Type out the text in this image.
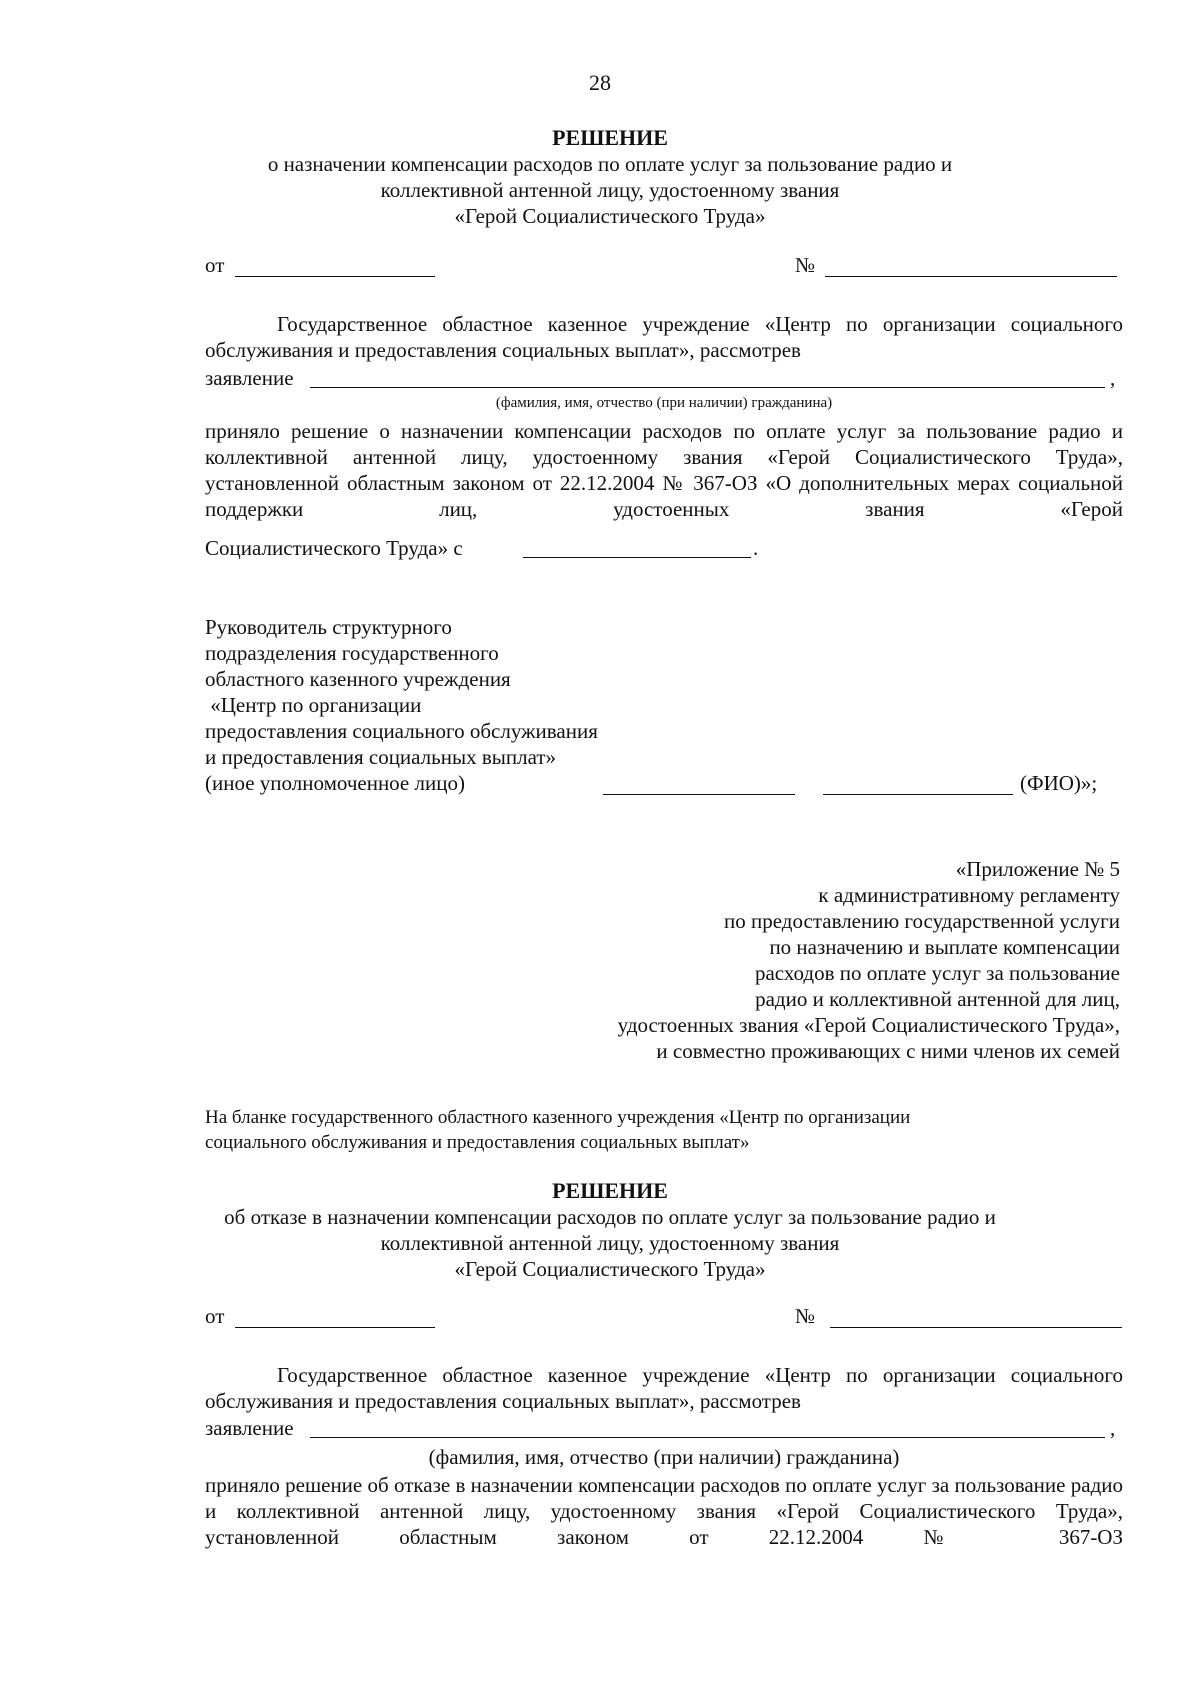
28
РЕШЕНИЕ
о назначении компенсации расходов по оплате услуг за пользование радио и
коллективной антенной лицу, удостоенному звания
«Герой Социалистического Труда»
от	№
Государственное областное казенное учреждение «Центр по организации социального обслуживания и предоставления социальных выплат», рассмотрев
заявление	,
(фамилия, имя, отчество (при наличии) гражданина)
приняло решение о назначении компенсации расходов по оплате услуг за пользование радио и коллективной антенной лицу, удостоенному звания «Герой Социалистического Труда», установленной областным законом от 22.12.2004 № 367-ОЗ «О дополнительных мерах социальной поддержки лиц, удостоенных звания «Герой
Социалистического Труда» с	.
Руководитель структурного
подразделения государственного
областного казенного учреждения
«Центр по организации
предоставления социального обслуживания
и предоставления социальных выплат»
(иное уполномоченное лицо)	(ФИО)»;
«Приложение № 5
к административному регламенту
по предоставлению государственной услуги
по назначению и выплате компенсации
расходов по оплате услуг за пользование
радио и коллективной антенной для лиц,
удостоенных звания «Герой Социалистического Труда»,
и совместно проживающих с ними членов их семей
На бланке государственного областного казенного учреждения «Центр по организации
социального обслуживания и предоставления социальных выплат»
РЕШЕНИЕ
об отказе в назначении компенсации расходов по оплате услуг за пользование радио и
коллективной антенной лицу, удостоенному звания
«Герой Социалистического Труда»
от	№
Государственное областное казенное учреждение «Центр по организации социального обслуживания и предоставления социальных выплат», рассмотрев
заявление	,
(фамилия, имя, отчество (при наличии) гражданина)
приняло решение об отказе в назначении компенсации расходов по оплате услуг за пользование радио и коллективной антенной лицу, удостоенному звания «Герой Социалистического Труда», установленной областным законом от 22.12.2004 № 367-ОЗ
